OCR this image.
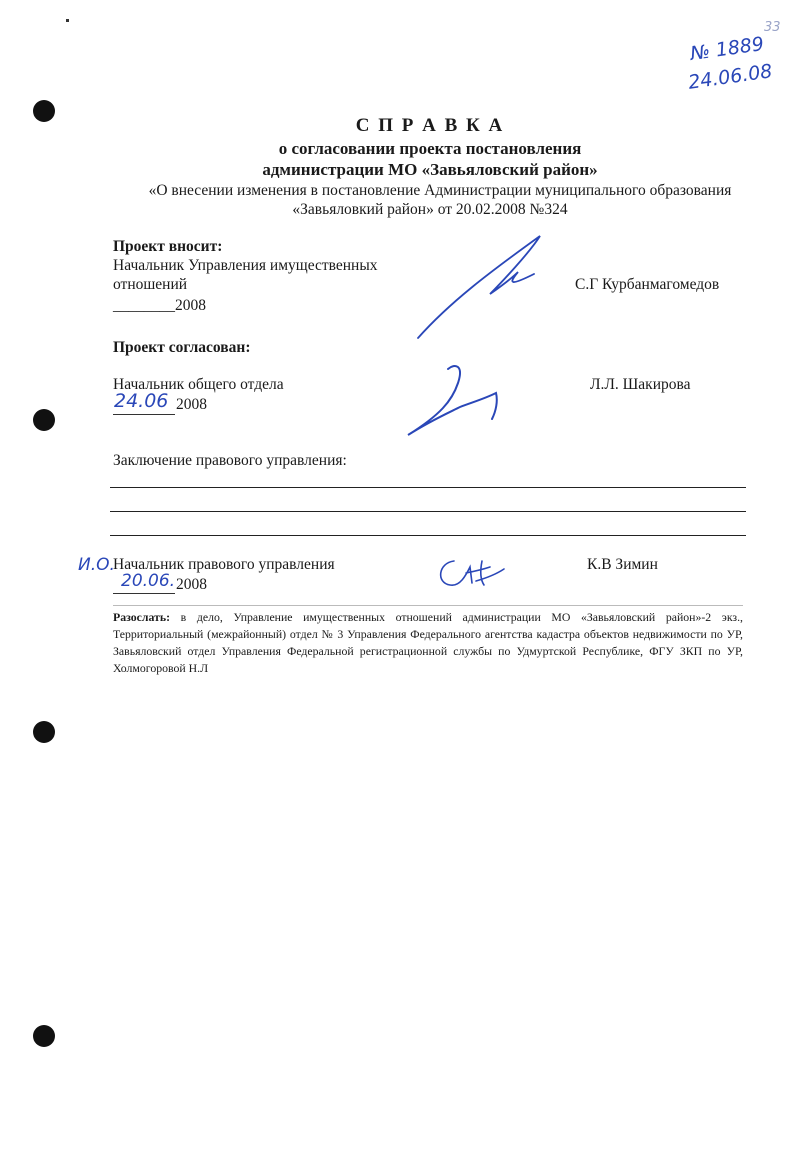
№ 1889
33
24.06.08
С П Р А В К А
о согласовании проекта постановления
администрации МО «Завьяловский район»
«О внесении изменения в постановление Администрации муниципального образования
«Завьяловкий район» от 20.02.2008 №324
Проект вносит:
Начальник Управления имущественных
отношений
________2008
С.Г Курбанмагомедов
Проект согласован:
Начальник общего отдела
24.06 2008
Л.Л. Шакирова
Заключение правового управления:
И.О.
Начальник правового управления
20.06. 2008
К.В Зимин
Разослать: в дело, Управление имущественных отношений администрации МО «Завьяловский район»-2 экз., Территориальный (межрайонный) отдел № 3 Управления Федерального агентства кадастра объектов недвижимости по УР, Завьяловский отдел Управления Федеральной регистрационной службы по Удмуртской Республике, ФГУ ЗКП по УР, Холмогоровой Н.Л
